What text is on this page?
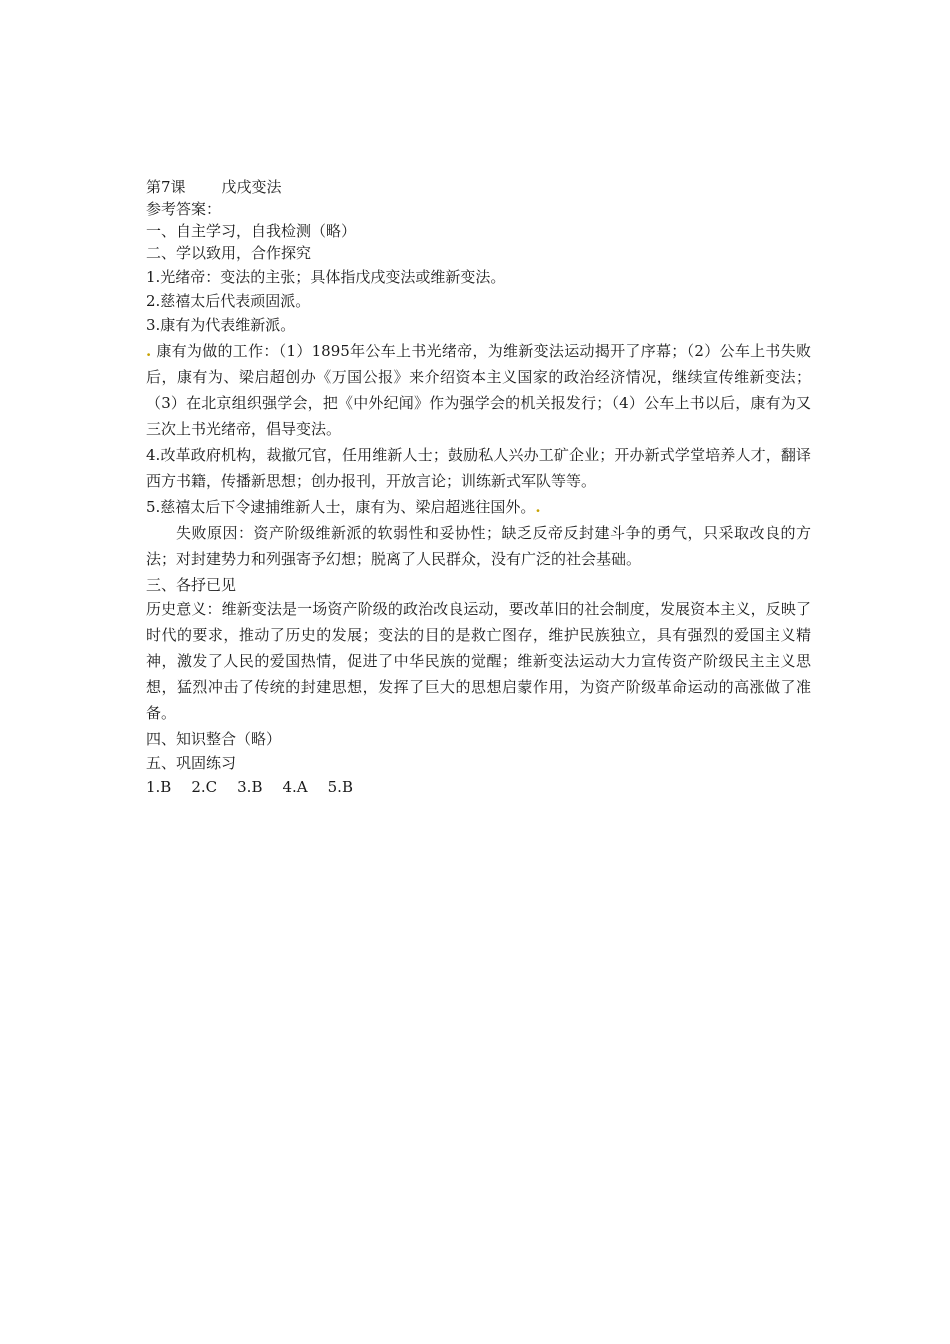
第7课 戊戌变法

参考答案：

一、自主学习，自我检测（略）

二、学以致用，合作探究

1.光绪帝：变法的主张；具体指戊戌变法或维新变法。

2.慈禧太后代表顽固派。

3.康有为代表维新派。

. 康有为做的工作：（1）1895年公车上书光绪帝，为维新变法运动揭开了序幕；（2）公车上书失败后，康有为、梁启超创办《万国公报》来介绍资本主义国家的政治经济情况，继续宣传维新变法；（3）在北京组织强学会，把《中外纪闻》作为强学会的机关报发行；（4）公车上书以后，康有为又三次上书光绪帝，倡导变法。

4.改革政府机构，裁撤冗官，任用维新人士；鼓励私人兴办工矿企业；开办新式学堂培养人才，翻译西方书籍，传播新思想；创办报刊，开放言论；训练新式军队等等。

5.慈禧太后下令逮捕维新人士，康有为、梁启超逃往国外。.

失败原因：资产阶级维新派的软弱性和妥协性；缺乏反帝反封建斗争的勇气，只采取改良的方法；对封建势力和列强寄予幻想；脱离了人民群众，没有广泛的社会基础。

三、各抒已见

历史意义：维新变法是一场资产阶级的政治改良运动，要改革旧的社会制度，发展资本主义，反映了时代的要求，推动了历史的发展；变法的目的是救亡图存，维护民族独立，具有强烈的爱国主义精神，激发了人民的爱国热情，促进了中华民族的觉醒；维新变法运动大力宣传资产阶级民主主义思想，猛烈冲击了传统的封建思想，发挥了巨大的思想启蒙作用，为资产阶级革命运动的高涨做了准备。

四、知识整合（略）

五、巩固练习

1.B 2.C 3.B 4.A 5.B
